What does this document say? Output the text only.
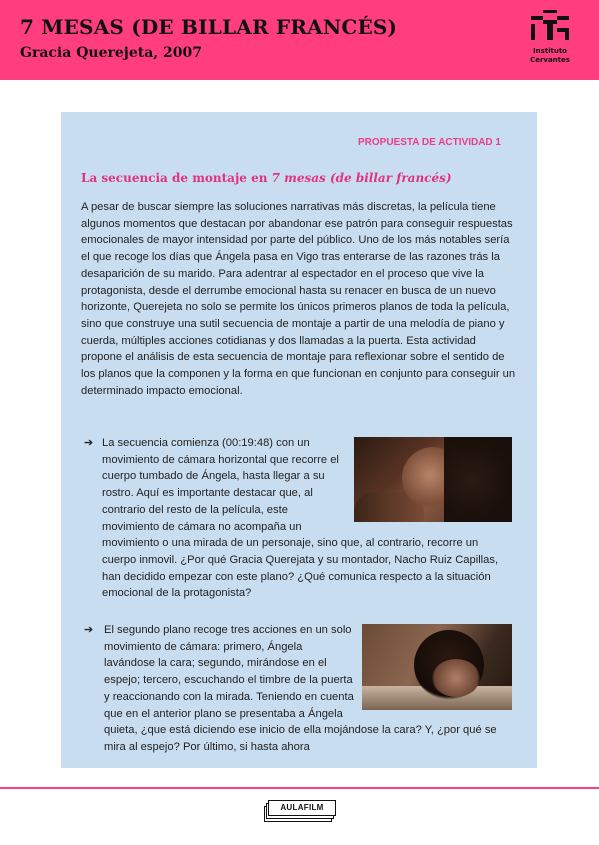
7 MESAS (DE BILLAR FRANCÉS)
Gracia Querejeta, 2007	Instituto
Cervantes
PROPUESTA DE ACTIVIDAD 1
La secuencia de montaje en 7 mesas (de billar francés)

A pesar de buscar siempre las soluciones narrativas más discretas, la película tiene algunos momentos que destacan por abandonar ese patrón para conseguir respuestas emocionales de mayor intensidad por parte del público. Uno de los más notables sería el que recoge los días que Ángela pasa en Vigo tras enterarse de las razones trás la desaparición de su marido. Para adentrar al espectador en el proceso que vive la protagonista, desde el derrumbe emocional hasta su renacer en busca de un nuevo horizonte, Querejeta no solo se permite los únicos primeros planos de toda la película, sino que construye una sutil secuencia de montaje a partir de una melodía de piano y cuerda, múltiples acciones cotidianas y dos llamadas a la puerta. Esta actividad propone el análisis de esta secuencia de montaje para reflexionar sobre el sentido de los planos que la componen y la forma en que funcionan en conjunto para conseguir un determinado impacto emocional.

➔ La secuencia comienza (00:19:48) con un movimiento de cámara horizontal que recorre el cuerpo tumbado de Ángela, hasta llegar a su rostro. Aquí es importante destacar que, al contrario del resto de la película, este movimiento de cámara no acompaña un movimiento o una mirada de un personaje, sino que, al contrario, recorre un cuerpo inmovil. ¿Por qué Gracia Querejata y su montador, Nacho Ruiz Capillas, han decidido empezar con este plano? ¿Qué comunica respecto a la situación emocional de la protagonista?
➔ El segundo plano recoge tres acciones en un solo movimiento de cámara: primero, Ángela lavándose la cara; segundo, mirándose en el espejo; tercero, escuchando el timbre de la puerta y reaccionando con la mirada. Teniendo en cuenta que en el anterior plano se presentaba a Ángela quieta, ¿que está diciendo ese inicio de ella mojándose la cara? Y, ¿por qué se mira al espejo? Por último, si hasta ahora
AULAFILM
